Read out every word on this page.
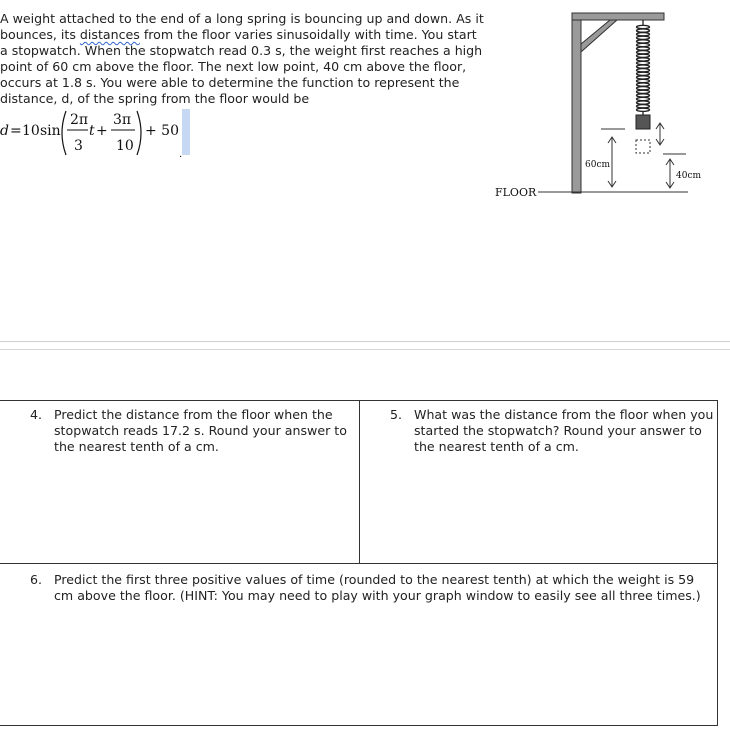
A weight attached to the end of a long spring is bouncing up and down. As it bounces, its distances from the floor varies sinusoidally with time. You start a stopwatch. When the stopwatch read 0.3 s, the weight first reaches a high point of 60 cm above the floor. The next low point, 40 cm above the floor, occurs at 1.8 s. You were able to determine the function to represent the distance, d, of the spring from the floor would be

d = 10 sin
2π
3
t +
3π
10
+ 50
.
60cm
40cm
FLOOR
4. Predict the distance from the floor when the stopwatch reads 17.2 s. Round your answer to the nearest tenth of a cm.
5. What was the distance from the floor when you started the stopwatch? Round your answer to the nearest tenth of a cm.
6. Predict the first three positive values of time (rounded to the nearest tenth) at which the weight is 59 cm above the floor. (HINT: You may need to play with your graph window to easily see all three times.)
